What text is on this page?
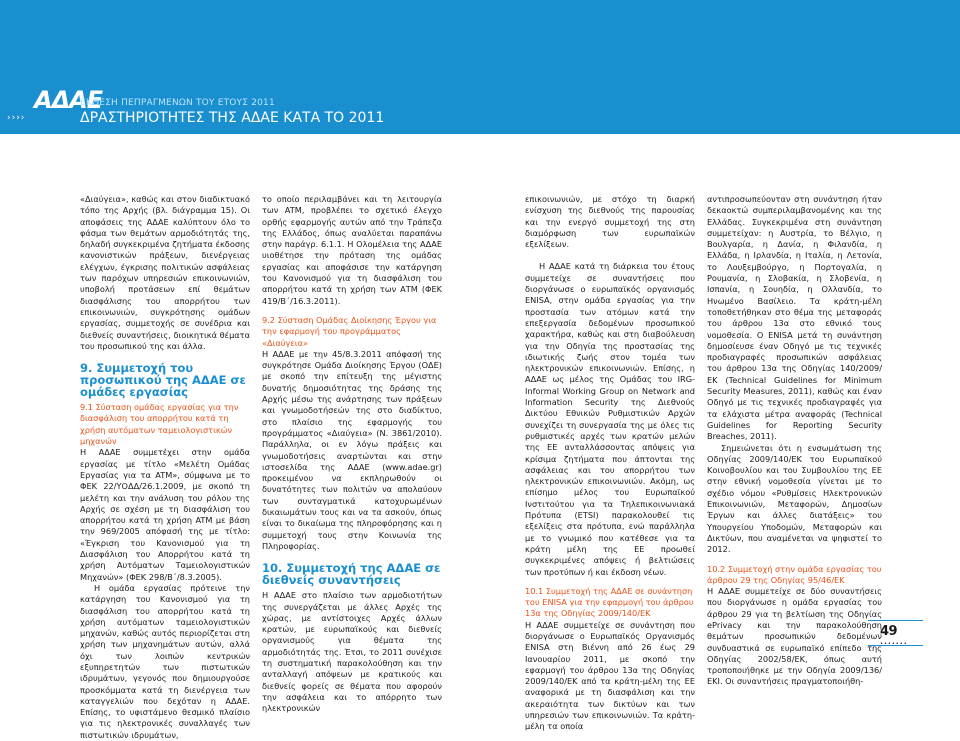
ΑΔΑΕ
ΕΚΘΕΣΗ ΠΕΠΡΑΓΜΕΝΩΝ ΤΟΥ ΕΤΟΥΣ 2011
››››	ΔΡΑΣΤΗΡΙΟΤΗΤΕΣ ΤΗΣ ΑΔΑΕ ΚΑΤΑ ΤΟ 2011

«Διαύγεια», καθώς και στον διαδικτυακό τόπο της Αρχής (βλ. διάγραμμα 15). Οι αποφάσεις της ΑΔΑΕ καλύπτουν όλο το φάσμα των θεμάτων αρμοδιότητάς της, δηλαδή συγκεκριμένα ζητήματα έκδοσης κανονιστικών πράξεων, διενέργειας ελέγχων, έγκρισης πολιτικών ασφάλειας των παρόχων υπηρεσιών επικοινωνιών, υποβολή προτάσεων επί θεμάτων διασφάλισης του απορρήτου των επικοινωνιών, συγκρότησης ομάδων εργασίας, συμμετοχής σε συνέδρια και διεθνείς συναντήσεις, διοικητικά θέματα του προσωπικού της και άλλα.

9. Συμμετοχή του προσωπικού της ΑΔΑΕ σε ομάδες εργασίας
9.1 Σύσταση ομάδας εργασίας για την διασφάλιση του απορρήτου κατά τη χρήση αυτόματων ταμειολογιστικών μηχανών

Η ΑΔΑΕ συμμετέχει στην ομάδα εργασίας με τίτλο «Μελέτη Ομάδας Εργασίας για τα ATM», σύμφωνα με το ΦΕΚ 22/ΥΟΔΔ/26.1.2009, με σκοπό τη μελέτη και την ανάλυση του ρόλου της Αρχής σε σχέση με τη διασφάλιση του απορρήτου κατά τη χρήση ATM με βάση την 969/2005 απόφασή της με τίτλο: «Έγκριση του Κανονισμού για τη Διασφάλιση του Απορρήτου κατά τη χρήση Αυτόματων Ταμειολογιστικών Μηχανών» (ΦΕΚ 298/Β΄/8.3.2005).

Η ομάδα εργασίας πρότεινε την κατάργηση του Κανονισμού για τη διασφάλιση του απορρήτου κατά τη χρήση αυτόματων ταμειολογιστικών μηχανών, καθώς αυτός περιορίζεται στη χρήση των μηχανημάτων αυτών, αλλά όχι των λοιπών κεντρικών εξυπηρετητών των πιστωτικών ιδρυμάτων, γεγονός που δημιουργούσε προσκόμματα κατά τη διενέργεια των καταγγελιών που δεχόταν η ΑΔΑΕ. Επίσης, το υφιστάμενο θεσμικό πλαίσιο για τις ηλεκτρονικές συναλλαγές των πιστωτικών ιδρυμάτων,

το οποίο περιλαμβάνει και τη λειτουργία των ATM, προβλέπει το σχετικό έλεγχο ορθής εφαρμογής αυτών από την Τράπεζα της Ελλάδος, όπως αναλύεται παραπάνω στην παράγρ. 6.1.1. Η Ολομέλεια της ΑΔΑΕ υιοθέτησε την πρόταση της ομάδας εργασίας και αποφάσισε την κατάργηση του Κανονισμού για τη διασφάλιση του απορρήτου κατά τη χρήση των ΑΤΜ (ΦΕΚ 419/Β΄/16.3.2011).

9.2 Σύσταση Ομάδας Διοίκησης Έργου για την εφαρμογή του προγράμματος «Διαύγεια»

Η ΑΔΑΕ με την 45/8.3.2011 απόφασή της συγκρότησε Ομάδα Διοίκησης Έργου (ΟΔΕ) με σκοπό την επίτευξη της μέγιστης δυνατής δημοσιότητας της δράσης της Αρχής μέσω της ανάρτησης των πράξεων και γνωμοδοτήσεών της στο διαδίκτυο, στο πλαίσιο της εφαρμογής του προγράμματος «Διαύγεια» (Ν. 3861/2010). Παράλληλα, οι εν λόγω πράξεις και γνωμοδοτήσεις αναρτώνται και στην ιστοσελίδα της ΑΔΑΕ (www.adae.gr) προκειμένου να εκπληρωθούν οι δυνατότητες των πολιτών να απολαύουν των συνταγματικά κατοχυρωμένων δικαιωμάτων τους και να τα ασκούν, όπως είναι το δικαίωμα της πληροφόρησης και η συμμετοχή τους στην Κοινωνία της Πληροφορίας.

10. Συμμετοχή της ΑΔΑΕ σε διεθνείς συναντήσεις

Η ΑΔΑΕ στο πλαίσιο των αρμοδιοτήτων της συνεργάζεται με άλλες Αρχές της χώρας, με αντίστοιχες Αρχές άλλων κρατών, με ευρωπαϊκούς και διεθνείς οργανισμούς για θέματα της αρμοδιότητάς της. Έτσι, το 2011 συνέχισε τη συστηματική παρακολούθηση και την ανταλλαγή απόψεων με κρατικούς και διεθνείς φορείς σε θέματα που αφορούν την ασφάλεια και το απόρρητο των ηλεκτρονικών

επικοινωνιών, με στόχο τη διαρκή ενίσχυση της διεθνούς της παρουσίας και την ενεργό συμμετοχή της στη διαμόρφωση των ευρωπαϊκών εξελίξεων.

Η ΑΔΑΕ κατά τη διάρκεια του έτους συμμετείχε σε συναντήσεις που διοργάνωσε ο ευρωπαϊκός οργανισμός ENISA, στην ομάδα εργασίας για την προστασία των ατόμων κατά την επεξεργασία δεδομένων προσωπικού χαρακτήρα, καθώς και στη διαβούλευση για την Οδηγία της προστασίας της ιδιωτικής ζωής στον τομέα των ηλεκτρονικών επικοινωνιών. Επίσης, η ΑΔΑΕ ως μέλος της Ομάδας του IRG-Informal Working Group on Network and Information Security της Διεθνούς Δικτύου Εθνικών Ρυθμιστικών Αρχών συνεχίζει τη συνεργασία της με όλες τις ρυθμιστικές αρχές των κρατών μελών της ΕΕ ανταλλάσσοντας απόψεις για κρίσιμα ζητήματα που άπτονται της ασφάλειας και του απορρήτου των ηλεκτρονικών επικοινωνιών. Ακόμη, ως επίσημο μέλος του Ευρωπαϊκού Ινστιτούτου για τα Τηλεπικοινωνιακά Πρότυπα (ETSI) παρακολουθεί τις εξελίξεις στα πρότυπα, ενώ παράλληλα με το γνωμικό που κατέθεσε για τα κράτη μέλη της ΕΕ προωθεί συγκεκριμένες απόψεις ή βελτιώσεις των προτύπων ή και έκδοση νέων.

10.1 Συμμετοχή της ΑΔΑΕ σε συνάντηση του ENISA για την εφαρμογή του άρθρου 13α της Οδηγίας 2009/140/ΕΚ

Η ΑΔΑΕ συμμετείχε σε συνάντηση που διοργάνωσε ο Ευρωπαϊκός Οργανισμός ENISA στη Βιέννη από 26 έως 29 Ιανουαρίου 2011, με σκοπό την εφαρμογή του άρθρου 13α της Οδηγίας 2009/140/ΕΚ από τα κράτη-μέλη της ΕΕ αναφορικά με τη διασφάλιση και την ακεραιότητα των δικτύων και των υπηρεσιών των επικοινωνιών. Τα κράτη-μέλη τα οποία

αντιπροσωπεύονταν στη συνάντηση ήταν δεκαοκτώ συμπεριλαμβανομένης και της Ελλάδας. Συγκεκριμένα στη συνάντηση συμμετείχαν: η Αυστρία, το Βέλγιο, η Βουλγαρία, η Δανία, η Φιλανδία, η Ελλάδα, η Ιρλανδία, η Ιταλία, η Λετονία, το Λουξεμβούργο, η Πορτογαλία, η Ρουμανία, η Σλοβακία, η Σλοβενία, η Ισπανία, η Σουηδία, η Ολλανδία, το Ηνωμένο Βασίλειο. Τα κράτη-μέλη τοποθετήθηκαν στο θέμα της μεταφοράς του άρθρου 13α στο εθνικό τους νομοθεσία. Ο ENISA μετά τη συνάντηση δημοσίευσε έναν Οδηγό με τις τεχνικές προδιαγραφές προσωπικών ασφάλειας του άρθρου 13α της Οδηγίας 140/2009/ΕΚ (Technical Guidelines for Minimum Security Measures, 2011), καθώς και έναν Οδηγό με τις τεχνικές προδιαγραφές για τα ελάχιστα μέτρα αναφοράς (Technical Guidelines for Reporting Security Breaches, 2011).

Σημειώνεται ότι η ενσωμάτωση της Οδηγίας 2009/140/ΕΚ του Ευρωπαϊκού Κοινοβουλίου και του Συμβουλίου της ΕΕ στην εθνική νομοθεσία γίνεται με το σχέδιο νόμου «Ρυθμίσεις Ηλεκτρονικών Επικοινωνιών, Μεταφορών, Δημοσίων Έργων και άλλες διατάξεις» του Υπουργείου Υποδομών, Μεταφορών και Δικτύων, που αναμένεται να ψηφιστεί το 2012.

10.2 Συμμετοχή στην ομάδα εργασίας του άρθρου 29 της Οδηγίας 95/46/ΕΚ

Η ΑΔΑΕ συμμετείχε σε δύο συναντήσεις που διοργάνωσε η ομάδα εργασίας του άρθρου 29 για τη βελτίωση της Οδηγίας ePrivacy και την παρακολούθηση θεμάτων προσωπικών δεδομένων συνδυαστικά σε ευρωπαϊκό επίπεδο της Οδηγίας 2002/58/ΕΚ, όπως αυτή τροποποιήθηκε με την Οδηγία 2009/136/ΕΚΙ. Οι συναντήσεις πραγματοποιήθη-

49
•••••••
